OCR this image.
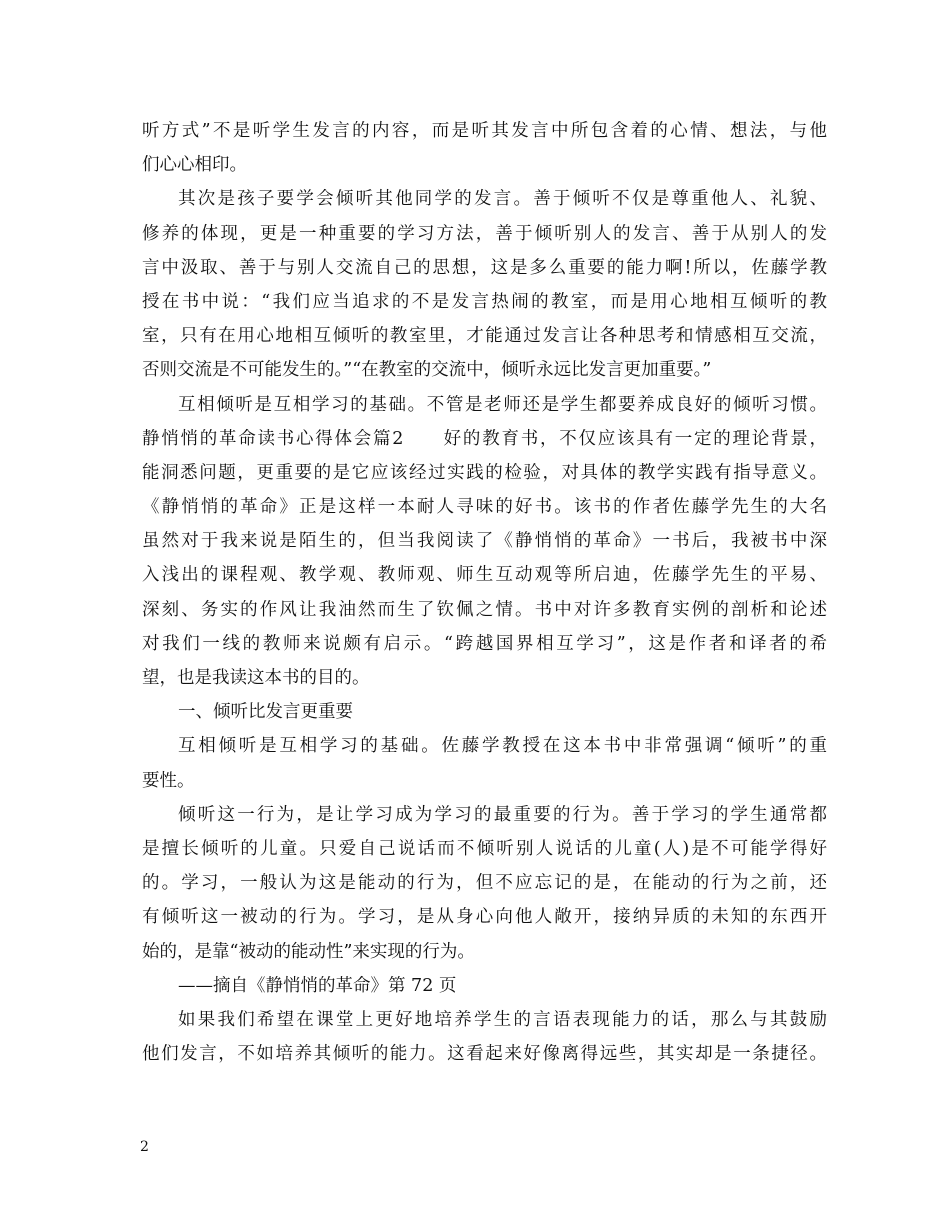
听方式”不是听学生发言的内容，而是听其发言中所包含着的心情、想法，与他
们心心相印。
其次是孩子要学会倾听其他同学的发言。善于倾听不仅是尊重他人、礼貌、
修养的体现，更是一种重要的学习方法，善于倾听别人的发言、善于从别人的发
言中汲取、善于与别人交流自己的思想，这是多么重要的能力啊!所以，佐藤学教
授在书中说：“我们应当追求的不是发言热闹的教室，而是用心地相互倾听的教
室，只有在用心地相互倾听的教室里，才能通过发言让各种思考和情感相互交流，
否则交流是不可能发生的。”“在教室的交流中，倾听永远比发言更加重要。”
互相倾听是互相学习的基础。不管是老师还是学生都要养成良好的倾听习惯。
静悄悄的革命读书心得体会篇2　　好的教育书，不仅应该具有一定的理论背景，
能洞悉问题，更重要的是它应该经过实践的检验，对具体的教学实践有指导意义。
《静悄悄的革命》正是这样一本耐人寻味的好书。该书的作者佐藤学先生的大名
虽然对于我来说是陌生的，但当我阅读了《静悄悄的革命》一书后，我被书中深
入浅出的课程观、教学观、教师观、师生互动观等所启迪，佐藤学先生的平易、
深刻、务实的作风让我油然而生了钦佩之情。书中对许多教育实例的剖析和论述
对我们一线的教师来说颇有启示。“跨越国界相互学习”，这是作者和译者的希
望，也是我读这本书的目的。
一、倾听比发言更重要
互相倾听是互相学习的基础。佐藤学教授在这本书中非常强调“倾听”的重
要性。
倾听这一行为，是让学习成为学习的最重要的行为。善于学习的学生通常都
是擅长倾听的儿童。只爱自己说话而不倾听别人说话的儿童(人)是不可能学得好
的。学习，一般认为这是能动的行为，但不应忘记的是，在能动的行为之前，还
有倾听这一被动的行为。学习，是从身心向他人敞开，接纳异质的未知的东西开
始的，是靠“被动的能动性”来实现的行为。
——摘自《静悄悄的革命》第 72 页
如果我们希望在课堂上更好地培养学生的言语表现能力的话，那么与其鼓励
他们发言，不如培养其倾听的能力。这看起来好像离得远些，其实却是一条捷径。
2
